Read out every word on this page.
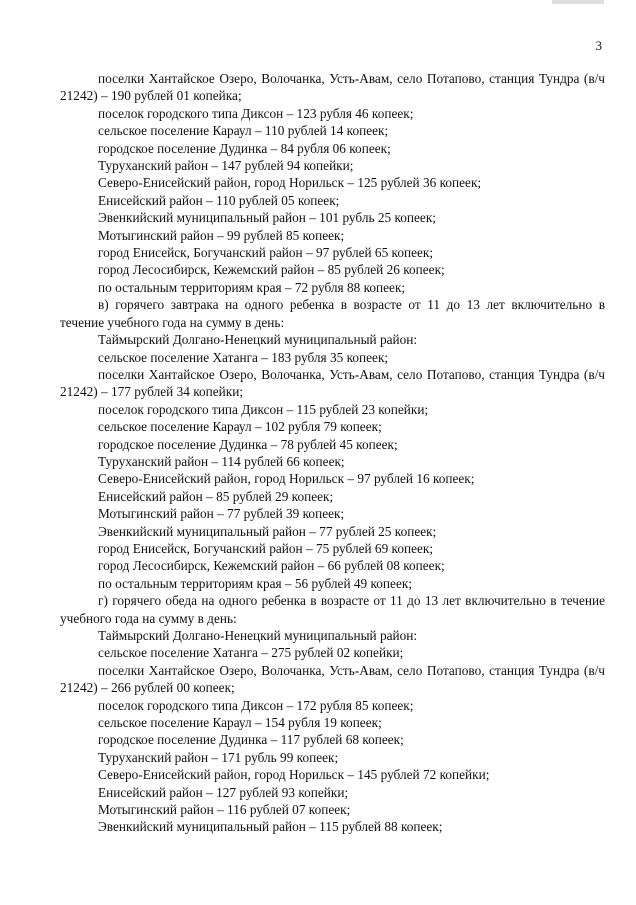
3

поселки Хантайское Озеро, Волочанка, Усть-Авам, село Потапово, станция Тундра (в/ч 21242) – 190 рублей 01 копейка;

поселок городского типа Диксон – 123 рубля 46 копеек;

сельское поселение Караул – 110 рублей 14 копеек;

городское поселение Дудинка – 84 рубля 06 копеек;

Туруханский район – 147 рублей 94 копейки;

Северо-Енисейский район, город Норильск – 125 рублей 36 копеек;

Енисейский район – 110 рублей 05 копеек;

Эвенкийский муниципальный район – 101 рубль 25 копеек;

Мотыгинский район – 99 рублей 85 копеек;

город Енисейск, Богучанский район – 97 рублей 65 копеек;

город Лесосибирск, Кежемский район – 85 рублей 26 копеек;

по остальным территориям края – 72 рубля 88 копеек;

в) горячего завтрака на одного ребенка в возрасте от 11 до 13 лет включительно в течение учебного года на сумму в день:

Таймырский Долгано-Ненецкий муниципальный район:

сельское поселение Хатанга – 183 рубля 35 копеек;

поселки Хантайское Озеро, Волочанка, Усть-Авам, село Потапово, станция Тундра (в/ч 21242) – 177 рублей 34 копейки;

поселок городского типа Диксон – 115 рублей 23 копейки;

сельское поселение Караул – 102 рубля 79 копеек;

городское поселение Дудинка – 78 рублей 45 копеек;

Туруханский район – 114 рублей 66 копеек;

Северо-Енисейский район, город Норильск – 97 рублей 16 копеек;

Енисейский район – 85 рублей 29 копеек;

Мотыгинский район – 77 рублей 39 копеек;

Эвенкийский муниципальный район – 77 рублей 25 копеек;

город Енисейск, Богучанский район – 75 рублей 69 копеек;

город Лесосибирск, Кежемский район – 66 рублей 08 копеек;

по остальным территориям края – 56 рублей 49 копеек;

г) горячего обеда на одного ребенка в возрасте от 11 до 13 лет включительно в течение учебного года на сумму в день:

Таймырский Долгано-Ненецкий муниципальный район:

сельское поселение Хатанга – 275 рублей 02 копейки;

поселки Хантайское Озеро, Волочанка, Усть-Авам, село Потапово, станция Тундра (в/ч 21242) – 266 рублей 00 копеек;

поселок городского типа Диксон – 172 рубля 85 копеек;

сельское поселение Караул – 154 рубля 19 копеек;

городское поселение Дудинка – 117 рублей 68 копеек;

Туруханский район – 171 рубль 99 копеек;

Северо-Енисейский район, город Норильск – 145 рублей 72 копейки;

Енисейский район – 127 рублей 93 копейки;

Мотыгинский район – 116 рублей 07 копеек;

Эвенкийский муниципальный район – 115 рублей 88 копеек;
